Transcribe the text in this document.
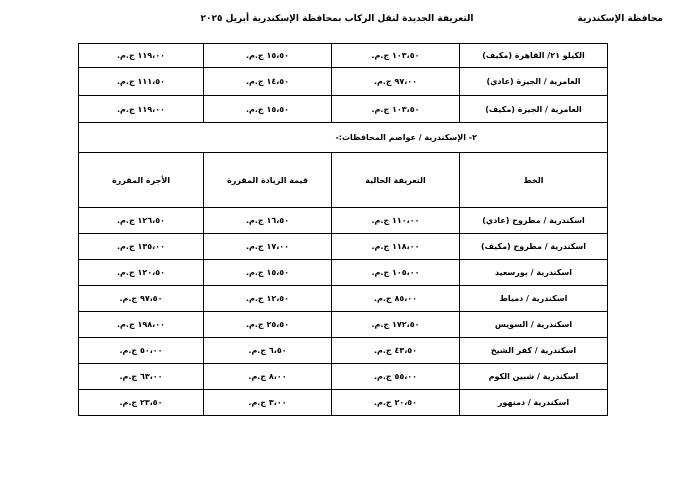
محافظة الإسكندرية
التعريفة الجديدة لنقل الركاب بمحافظة الإسكندرية أبريل ٢٠٢٥
الكيلو ٢١/ القاهرة (مكيف)	١٠٣،٥٠ ج.م.	١٥،٥٠ ج.م.	١١٩،٠٠ ج.م.
العامرية / الجيزة (عادي)	٩٧،٠٠ ج.م.	١٤،٥٠ ج.م.	١١١،٥٠ ج.م.
العامرية / الجيزة (مكيف)	١٠٣،٥٠ ج.م.	١٥،٥٠ ج.م.	١١٩،٠٠ ج.م.
٢- الإسكندرية / عواصم المحافظات:-			
الخط	التعريفة الحالية	قيمة الزيادة المقررة	الأجرة المقررة
اسكندرية / مطروح (عادي)	١١٠،٠٠ ج.م.	١٦،٥٠ ج.م.	١٢٦،٥٠ ج.م.
اسكندرية / مطروح (مكيف)	١١٨،٠٠ ج.م.	١٧،٠٠ ج.م.	١٣٥،٠٠ ج.م.
اسكندرية / بورسعيد	١٠٥،٠٠ ج.م.	١٥،٥٠ ج.م.	١٢٠،٥٠ ج.م.
اسكندرية / دمياط	٨٥،٠٠ ج.م.	١٢،٥٠ ج.م.	٩٧،٥٠ ج.م.
اسكندرية / السويس	١٧٢،٥٠ ج.م.	٢٥،٥٠ ج.م.	١٩٨،٠٠ ج.م.
اسكندرية / كفر الشيخ	٤٣،٥٠ ج.م.	٦،٥٠ ج.م.	٥٠،٠٠ ج.م.
اسكندرية / شبين الكوم	٥٥،٠٠ ج.م.	٨،٠٠ ج.م.	٦٣،٠٠ ج.م.
اسكندرية / دمنهور	٢٠،٥٠ ج.م.	٣،٠٠ ج.م.	٢٣،٥٠ ج.م.
